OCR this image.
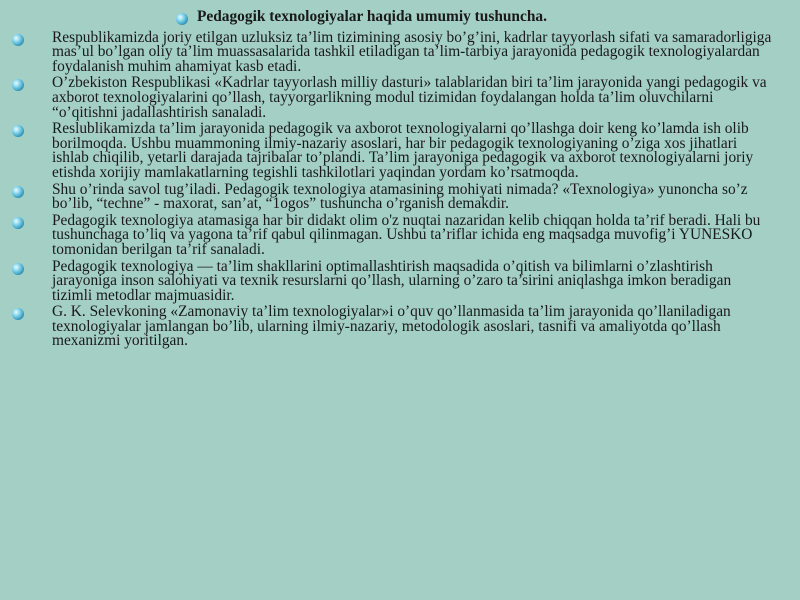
Pedagogik texnologiyalar haqida umumiy tushuncha.

Respublikamizda joriy etilgan uzluksiz ta’lim tizimining asosiy bo’g’ini, kadrlar tayyorlash sifati va samaradorligiga mas’ul bo’lgan oliy ta’lim muassasalarida tashkil etiladigan ta’lim-tarbiya jarayonida pedagogik texnologiyalardan foydalanish muhim ahamiyat kasb etadi.

O’zbekiston Respublikasi «Kadrlar tayyorlash milliy dasturi» talablaridan biri ta’lim jarayonida yangi pedagogik va axborot texnologiyalarini qo’llash, tayyorgarlikning modul tizimidan foydalangan holda ta’lim oluvchilarni “o’qitishni jadallashtirish sanaladi.

Reslublikamizda ta’lim jarayonida pedagogik va axborot texnologiyalarni qo’llashga doir keng ko’lamda ish olib borilmoqda. Ushbu muammoning ilmiy-nazariy asoslari, har bir pedagogik texnologiyaning o’ziga xos jihatlari ishlab chiqilib, yetarli darajada tajribalar to’plandi. Ta’lim jarayoniga pedagogik va axborot texnologiyalarni joriy etishda xorijiy mamlakatlarning tegishli tashkilotlari yaqindan yordam ko’rsatmoqda.

Shu o’rinda savol tug’iladi. Pedagogik texnologiya atamasining mohiyati nimada? «Texnologiya» yunoncha so’z bo’lib, “techne” - maxorat, san’at, “1ogos” tushuncha o’rganish demakdir.

Pedagogik texnologiya atamasiga har bir didakt olim o'z nuqtai nazaridan kelib chiqqan holda ta’rif beradi. Hali bu tushunchaga to’liq va yagona ta’rif qabul qilinmagan. Ushbu ta’riflar ichida eng maqsadga muvofig’i YUNESKO tomonidan berilgan ta’rif sanaladi.

Pedagogik texnologiya — ta’lim shakllarini optimallashtirish maqsadida o’qitish va bilimlarni o’zlashtirish jarayoniga inson salohiyati va texnik resurslarni qo’llash, ularning o’zaro ta’sirini aniqlashga imkon beradigan tizimli metodlar majmuasidir.

G. K. Selevkoning «Zamonaviy ta’lim texnologiyalar»i o’quv qo’llanmasida ta’lim jarayonida qo’llaniladigan texnologiyalar jamlangan bo’lib, ularning ilmiy-nazariy, metodologik asoslari, tasnifi va amaliyotda qo’llash mexanizmi yoritilgan.
